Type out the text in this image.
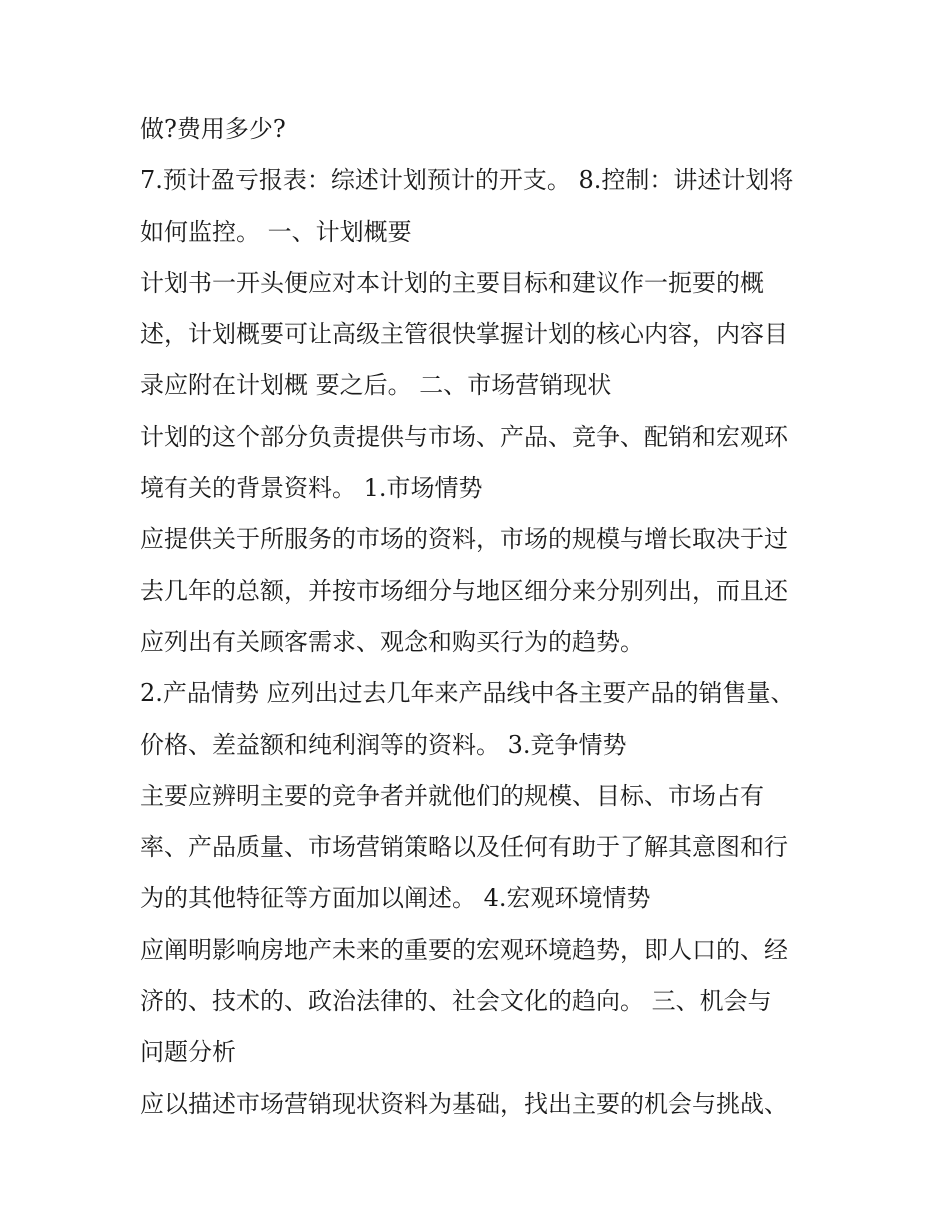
做?费用多少?
7.预计盈亏报表：综述计划预计的开支。 8.控制：讲述计划将
如何监控。 一、计划概要
计划书一开头便应对本计划的主要目标和建议作一扼要的概
述，计划概要可让高级主管很快掌握计划的核心内容，内容目
录应附在计划概 要之后。 二、市场营销现状
计划的这个部分负责提供与市场、产品、竞争、配销和宏观环
境有关的背景资料。 1.市场情势
应提供关于所服务的市场的资料，市场的规模与增长取决于过
去几年的总额，并按市场细分与地区细分来分别列出，而且还
应列出有关顾客需求、观念和购买行为的趋势。
2.产品情势 应列出过去几年来产品线中各主要产品的销售量、
价格、差益额和纯利润等的资料。 3.竞争情势
主要应辨明主要的竞争者并就他们的规模、目标、市场占有
率、产品质量、市场营销策略以及任何有助于了解其意图和行
为的其他特征等方面加以阐述。 4.宏观环境情势
应阐明影响房地产未来的重要的宏观环境趋势，即人口的、经
济的、技术的、政治法律的、社会文化的趋向。 三、机会与
问题分析
应以描述市场营销现状资料为基础，找出主要的机会与挑战、
